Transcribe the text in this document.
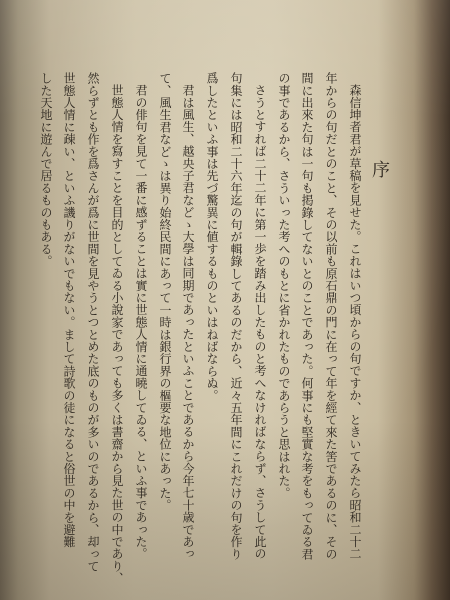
序
森信坤者君が草稿を見せた。これはいつ頃からの句ですか、ときいてみたら昭和二十二
年からの句だとのこと、その以前も原石鼎の門に在って年を經て來た筈であるのに、その
間に出來た句は一句も掲錄してないとのことであった。何事にも堅實な考をもってゐる君
の事であるから、さういった考へのもとに省かれたものであらうと思はれた。
さうとすれば二十二年に第一歩を踏み出したものと考へなければならず、さうして此の
句集には昭和二十六年迄の句が輯錄してあるのだから、近々五年間にこれだけの句を作り
爲したといふ事は先づ驚異に値するものといはねばならぬ。
君は風生、越央子君などゝ大學は同期であったといふことであるから今年七十歳であっ
て、風生君などゝは異り始終民間にあって一時は銀行界の樞要な地位にあった。
君の俳句を見て一番に感ずることは實に世態人情に通曉してゐる、といふ事であった。
世態人情を寫すことを目的としてゐる小說家であっても多くは書齋から見た世の中であり、
然らずとも作を爲さんが爲に世間を見やうとつとめた底のものが多いのであるから、却って
世態人情に疎い、といふ譏りがないでもない。まして詩歌の徒になると俗世の中を避難
した天地に遊んで居るものもある。
